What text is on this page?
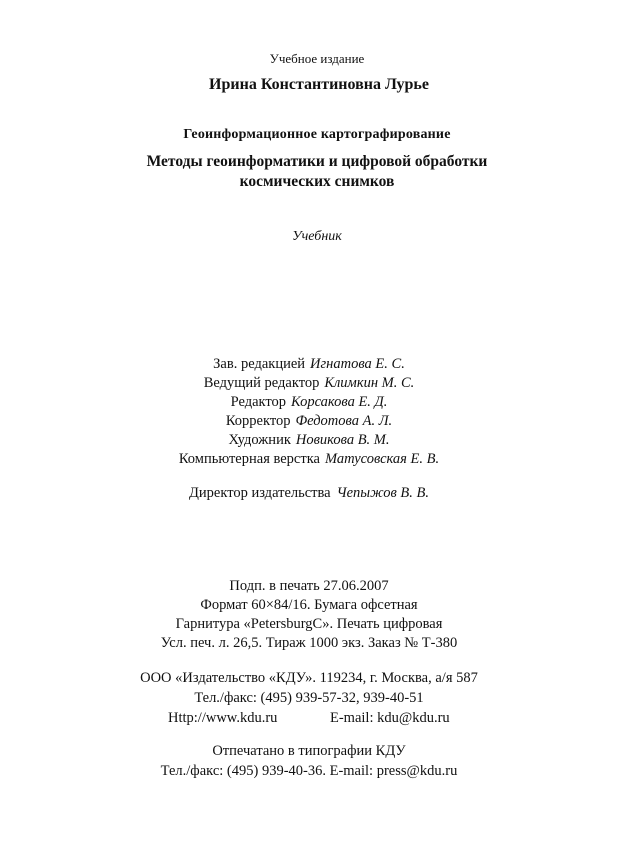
Учебное издание
Ирина Константиновна Лурье
Геоинформационное картографирование
Методы геоинформатики и цифровой обработки
космических снимков
Учебник
Зав. редакцией Игнатова Е. С.
Ведущий редактор Климкин М. С.
Редактор Корсакова Е. Д.
Корректор Федотова А. Л.
Художник Новикова В. М.
Компьютерная верстка Матусовская Е. В.
Директор издательства Чепыжов В. В.
Подп. в печать 27.06.2007
Формат 60×84/16. Бумага офсетная
Гарнитура «PetersburgC». Печать цифровая
Усл. печ. л. 26,5. Тираж 1000 экз. Заказ № Т-380
ООО «Издательство «КДУ». 119234, г. Москва, а/я 587
Тел./факс: (495) 939-57-32, 939-40-51
Http://www.kdu.ru	E-mail: kdu@kdu.ru
Отпечатано в типографии КДУ
Тел./факс: (495) 939-40-36. E-mail: press@kdu.ru
